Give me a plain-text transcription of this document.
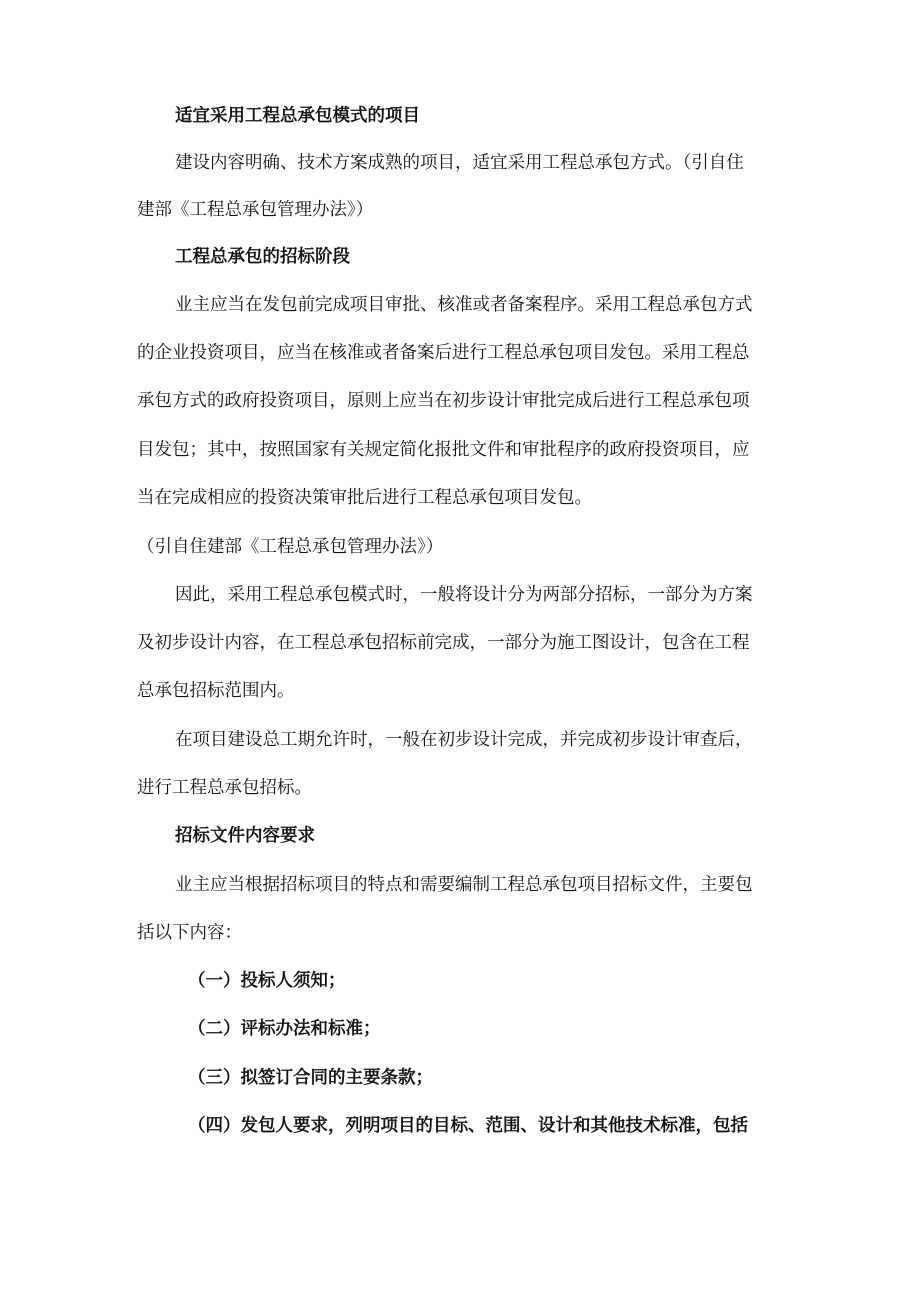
适宜采用工程总承包模式的项目
建设内容明确、技术方案成熟的项目，适宜采用工程总承包方式。（引自住
建部《工程总承包管理办法》）
工程总承包的招标阶段
业主应当在发包前完成项目审批、核准或者备案程序。采用工程总承包方式
的企业投资项目，应当在核准或者备案后进行工程总承包项目发包。采用工程总
承包方式的政府投资项目，原则上应当在初步设计审批完成后进行工程总承包项
目发包；其中，按照国家有关规定简化报批文件和审批程序的政府投资项目，应
当在完成相应的投资决策审批后进行工程总承包项目发包。
（引自住建部《工程总承包管理办法》）
因此，采用工程总承包模式时，一般将设计分为两部分招标，一部分为方案
及初步设计内容，在工程总承包招标前完成，一部分为施工图设计，包含在工程
总承包招标范围内。
在项目建设总工期允许时，一般在初步设计完成，并完成初步设计审查后，
进行工程总承包招标。
招标文件内容要求
业主应当根据招标项目的特点和需要编制工程总承包项目招标文件，主要包
括以下内容：
（一）投标人须知；
（二）评标办法和标准；
（三）拟签订合同的主要条款；
（四）发包人要求，列明项目的目标、范围、设计和其他技术标准，包括
